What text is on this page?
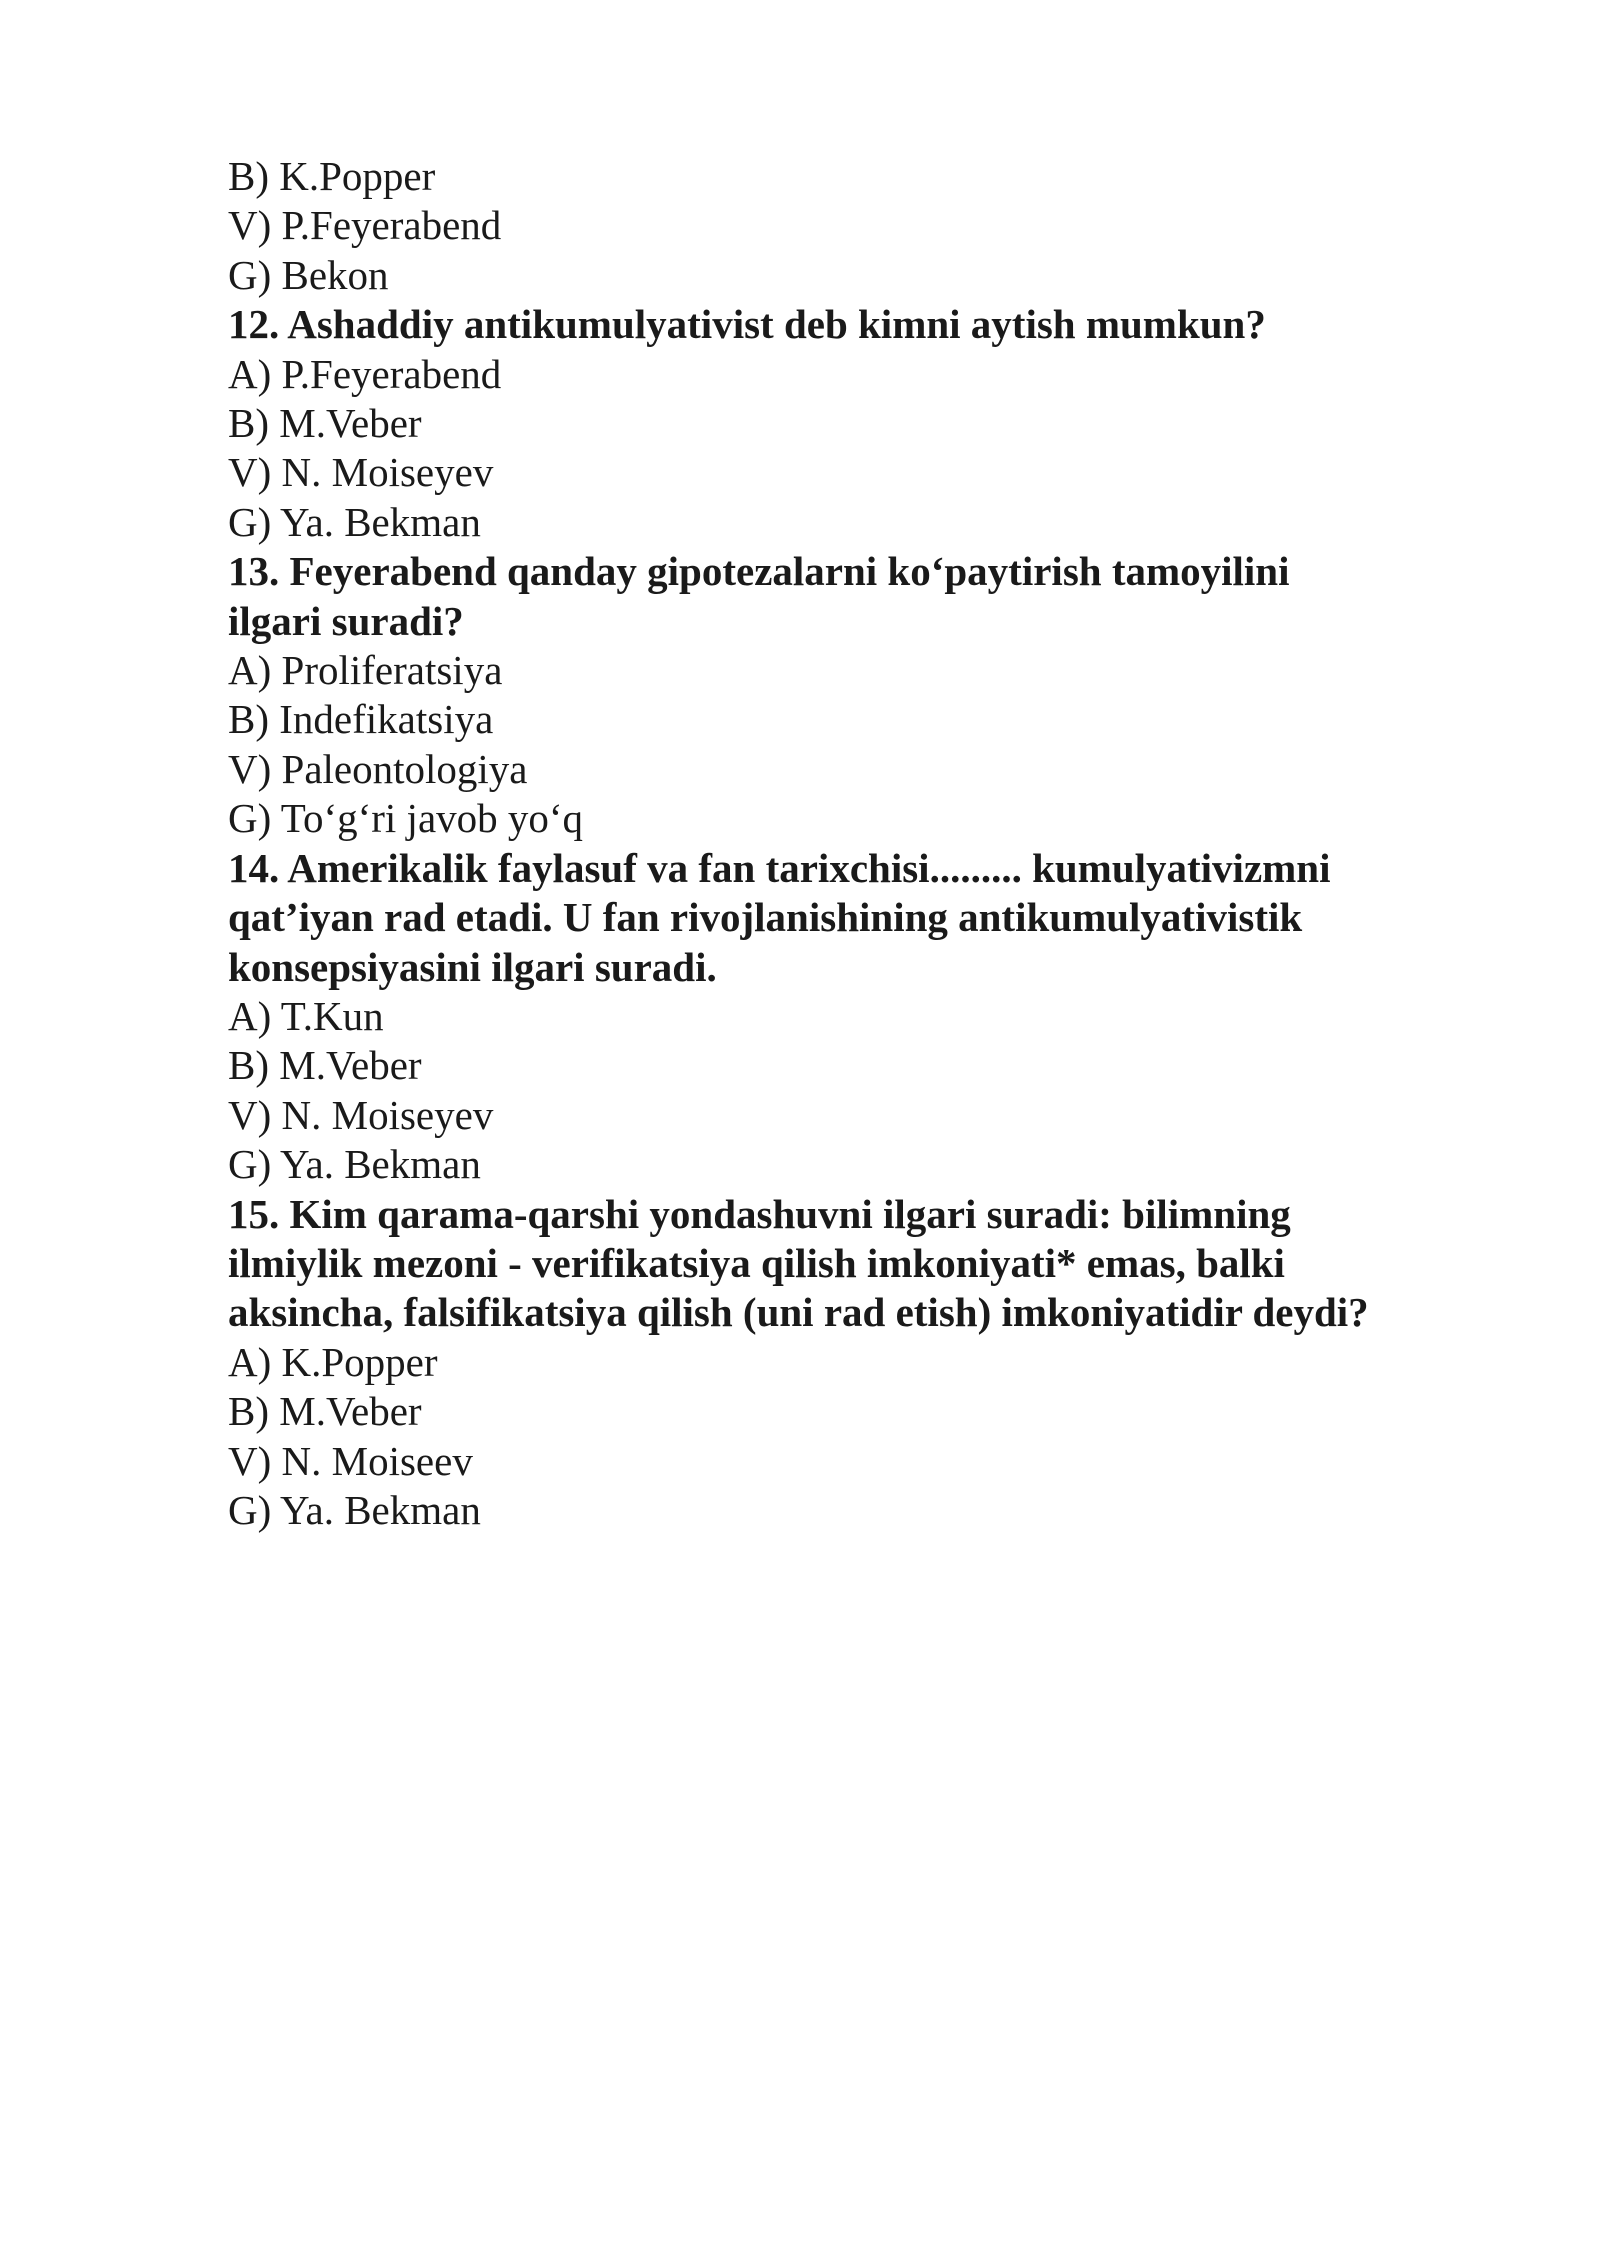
B) K.Popper
V) P.Feyerabend
G) Bekon
12. Ashaddiy antikumulyativist deb kimni aytish mumkun?
A) P.Feyerabend
B) M.Veber
V) N. Moiseyev
G) Ya. Bekman
13. Feyerabend qanday gipotezalarni ko‘paytirish tamoyilini
ilgari suradi?
A) Proliferatsiya
B) Indefikatsiya
V) Paleontologiya
G) To‘g‘ri javob yo‘q
14. Amerikalik faylasuf va fan tarixchisi......... kumulyativizmni
qat’iyan rad etadi. U fan rivojlanishining antikumulyativistik
konsepsiyasini ilgari suradi.
A) T.Kun
B) M.Veber
V) N. Moiseyev
G) Ya. Bekman
15. Kim qarama-qarshi yondashuvni ilgari suradi: bilimning
ilmiylik mezoni - verifikatsiya qilish imkoniyati* emas, balki
aksincha, falsifikatsiya qilish (uni rad etish) imkoniyatidir deydi?
A) K.Popper
B) M.Veber
V) N. Moiseev
G) Ya. Bekman
